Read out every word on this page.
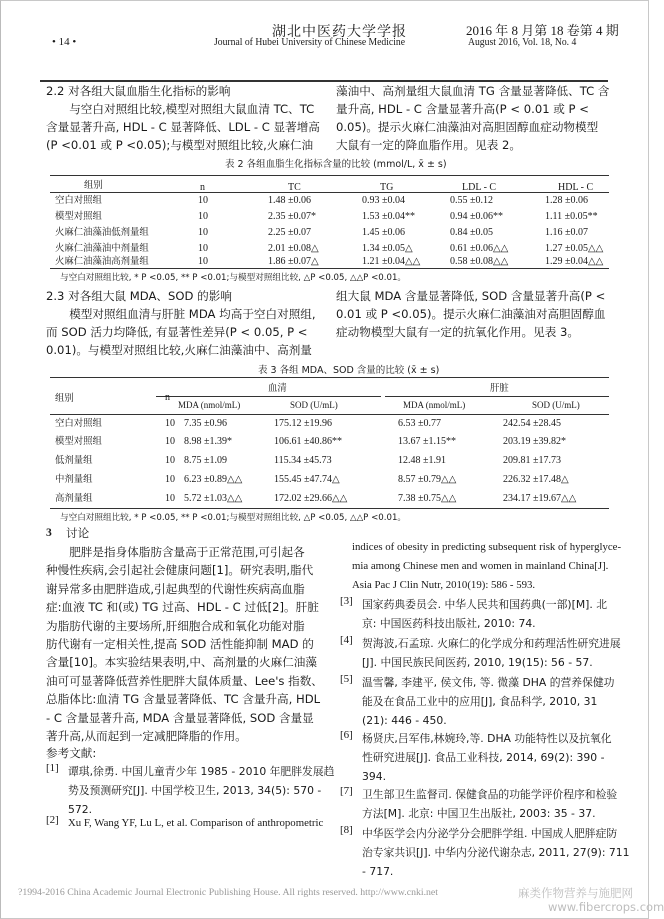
湖北中医药大学学报
• 14 •	Journal of Hubei University of Chinese Medicine
2016 年 8 月第 18 卷第 4 期
August 2016, Vol. 18, No. 4
2.2 对各组大鼠血脂生化指标的影响
　　与空白对照组比较,模型对照组大鼠血清 TC、TC
含量显著升高, HDL - C 显著降低、LDL - C 显著增高
(P <0.01 或 P <0.05);与模型对照组比较,火麻仁油
藻油中、高剂量组大鼠血清 TG 含量显著降低、TC 含
量升高, HDL - C 含量显著升高(P < 0.01 或 P <
0.05)。提示火麻仁油藻油对高胆固醇血症动物模型
大鼠有一定的降血脂作用。见表 2。
表 2 各组血脂生化指标含量的比较 (mmol/L, x̄ ± s)
组别	n	TC	TG	LDL - C	HDL - C
空白对照组	10	1.48 ±0.06	0.93 ±0.04	0.55 ±0.12	1.28 ±0.06
模型对照组	10	2.35 ±0.07*	1.53 ±0.04**	0.94 ±0.06**	1.11 ±0.05**
火麻仁油藻油低剂量组	10	2.25 ±0.07	1.45 ±0.06	0.84 ±0.05	1.16 ±0.07
火麻仁油藻油中剂量组	10	2.01 ±0.08△	1.34 ±0.05△	0.61 ±0.06△△	1.27 ±0.05△△
火麻仁油藻油高剂量组	10	1.86 ±0.07△	1.21 ±0.04△△	0.58 ±0.08△△	1.29 ±0.04△△
与空白对照组比较, * P <0.05, ** P <0.01;与模型对照组比较, △P <0.05, △△P <0.01。
2.3 对各组大鼠 MDA、SOD 的影响
　　模型对照组血清与肝脏 MDA 均高于空白对照组,
而 SOD 活力均降低, 有显著性差异(P < 0.05, P <
0.01)。与模型对照组比较,火麻仁油藻油中、高剂量
组大鼠 MDA 含量显著降低, SOD 含量显著升高(P <
0.01 或 P <0.05)。提示火麻仁油藻油对高胆固醇血
症动物模型大鼠有一定的抗氧化作用。见表 3。
表 3 各组 MDA、SOD 含量的比较 (x̄ ± s)
组别	n
血清	肝脏
MDA (nmol/mL)	SOD (U/mL)	MDA (nmol/mL)	SOD (U/mL)
空白对照组	10 7.35 ±0.96	175.12 ±19.96	6.53 ±0.77	242.54 ±28.45
模型对照组	10 8.98 ±1.39*	106.61 ±40.86**	13.67 ±1.15**	203.19 ±39.82*
低剂量组	10 8.75 ±1.09	115.34 ±45.73	12.48 ±1.91	209.81 ±17.73
中剂量组	10 6.23 ±0.89△△	155.45 ±47.74△	8.57 ±0.79△△	226.32 ±17.48△
高剂量组	10 5.72 ±1.03△△	172.02 ±29.66△△	7.38 ±0.75△△	234.17 ±19.67△△
与空白对照组比较, * P <0.05, ** P <0.01;与模型对照组比较, △P <0.05, △△P <0.01。
3 讨论
　　肥胖是指身体脂肪含量高于正常范围,可引起各
种慢性疾病,会引起社会健康问题[1]。研究表明,脂代
谢异常多由肥胖造成,引起典型的代谢性疾病高血脂
症:血液 TC 和(或) TG 过高、HDL - C 过低[2]。肝脏
为脂肪代谢的主要场所,肝细胞合成和氧化功能对脂
肪代谢有一定相关性,提高 SOD 活性能抑制 MAD 的
含量[10]。本实验结果表明,中、高剂量的火麻仁油藻
油可可显著降低营养性肥胖大鼠体质量、Lee's 指数、
总脂体比:血清 TG 含量显著降低、TC 含量升高, HDL
- C 含量显著升高, MDA 含量显著降低, SOD 含量显
著升高,从而起到一定减肥降脂的作用。
参考文献:
[1] 谭琪,徐勇. 中国儿童青少年 1985 - 2010 年肥胖发展趋
势及预测研究[J]. 中国学校卫生, 2013, 34(5): 570 -
572.
[2] Xu F, Wang YF, Lu L, et al. Comparison of anthropometric
indices of obesity in predicting subsequent risk of hyperglyce-
mia among Chinese men and women in mainland China[J].
Asia Pac J Clin Nutr, 2010(19): 586 - 593.
[3] 国家药典委员会. 中华人民共和国药典(一部)[M]. 北
京: 中国医药科技出版社, 2010: 74.
[4] 贺海波,石孟琼. 火麻仁的化学成分和药理活性研究进展
[J]. 中国民族民间医药, 2010, 19(15): 56 - 57.
[5] 温雪馨, 李建平, 侯文伟, 等. 微藻 DHA 的营养保健功
能及在食品工业中的应用[J], 食品科学, 2010, 31
(21): 446 - 450.
[6] 杨贤庆,吕军伟,林婉玲,等. DHA 功能特性以及抗氧化
性研究进展[J]. 食品工业科技, 2014, 69(2): 390 -
394.
[7] 卫生部卫生监督司. 保健食品的功能学评价程序和检验
方法[M]. 北京: 中国卫生出版社, 2003: 35 - 37.
[8] 中华医学会内分泌学分会肥胖学组. 中国成人肥胖症防
治专家共识[J]. 中华内分泌代谢杂志, 2011, 27(9): 711
- 717.
?1994-2016 China Academic Journal Electronic Publishing House. All rights reserved. http://www.cnki.net	麻类作物营养与施肥网
www.fibercrops.com
